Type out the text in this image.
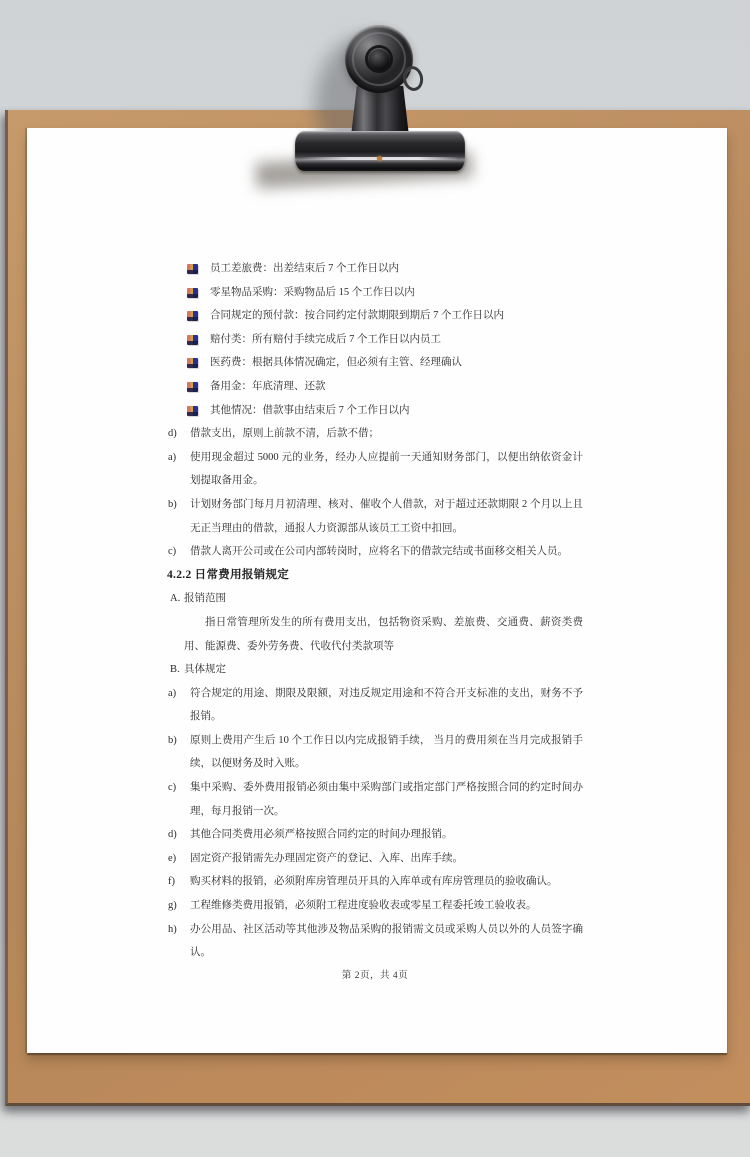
员工差旅费：出差结束后 7 个工作日以内
零星物品采购：采购物品后 15 个工作日以内
合同规定的预付款：按合同约定付款期限到期后 7 个工作日以内
赔付类：所有赔付手续完成后 7 个工作日以内员工
医药费：根据具体情况确定，但必须有主管、经理确认
备用金：年底清理、还款
其他情况：借款事由结束后 7 个工作日以内
d) 借款支出，原则上前款不清，后款不借；
a) 使用现金超过 5000 元的业务，经办人应提前一天通知财务部门，以便出纳依资金计划提取备用金。
b) 计划财务部门每月月初清理、核对、催收个人借款，对于超过还款期限 2 个月以上且无正当理由的借款，通报人力资源部从该员工工资中扣回。
c) 借款人离开公司或在公司内部转岗时，应将名下的借款完结或书面移交相关人员。
4.2.2 日常费用报销规定
A. 报销范围

指日常管理所发生的所有费用支出，包括物资采购、差旅费、交通费、薪资类费用、能源费、委外劳务费、代收代付类款项等

B. 具体规定
a) 符合规定的用途、期限及限额，对违反规定用途和不符合开支标准的支出，财务不予报销。
b) 原则上费用产生后 10 个工作日以内完成报销手续， 当月的费用须在当月完成报销手续，以便财务及时入账。
c) 集中采购、委外费用报销必须由集中采购部门或指定部门严格按照合同的约定时间办理，每月报销一次。
d) 其他合同类费用必须严格按照合同约定的时间办理报销。
e) 固定资产报销需先办理固定资产的登记、入库、出库手续。
f) 购买材料的报销，必须附库房管理员开具的入库单或有库房管理员的验收确认。
g) 工程维修类费用报销，必须附工程进度验收表或零星工程委托竣工验收表。
h) 办公用品、社区活动等其他涉及物品采购的报销需文员或采购人员以外的人员签字确认。
第 2页，共 4页
